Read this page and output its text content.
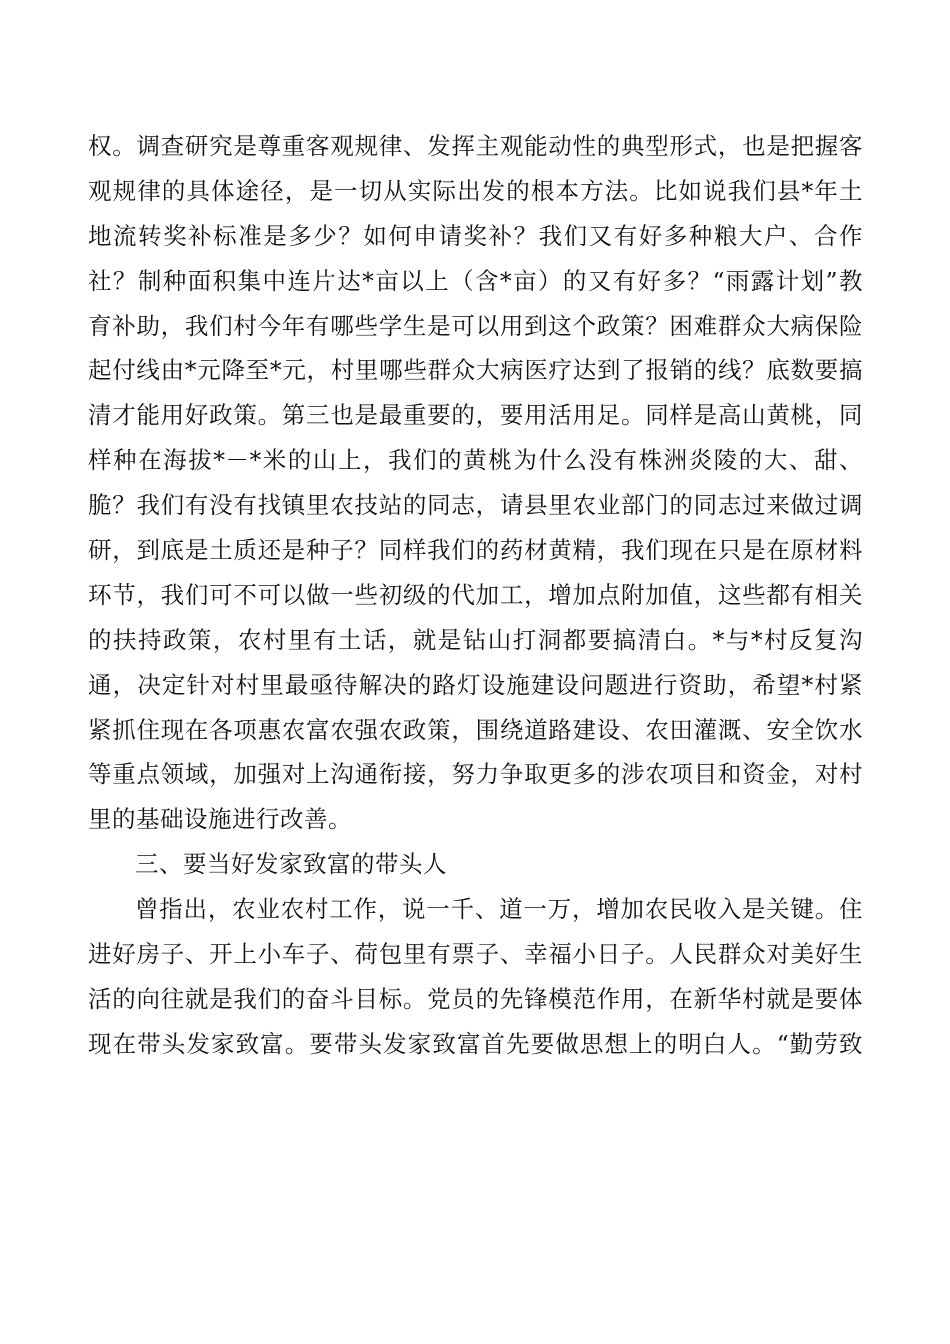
权。调查研究是尊重客观规律、发挥主观能动性的典型形式，也是把握客
观规律的具体途径，是一切从实际出发的根本方法。比如说我们县*年土
地流转奖补标准是多少？如何申请奖补？我们又有好多种粮大户、合作
社？制种面积集中连片达*亩以上（含*亩）的又有好多？“雨露计划”教
育补助，我们村今年有哪些学生是可以用到这个政策？困难群众大病保险
起付线由*元降至*元，村里哪些群众大病医疗达到了报销的线？底数要搞
清才能用好政策。第三也是最重要的，要用活用足。同样是高山黄桃，同
样种在海拔*－*米的山上，我们的黄桃为什么没有株洲炎陵的大、甜、
脆？我们有没有找镇里农技站的同志，请县里农业部门的同志过来做过调
研，到底是土质还是种子？同样我们的药材黄精，我们现在只是在原材料
环节，我们可不可以做一些初级的代加工，增加点附加值，这些都有相关
的扶持政策，农村里有土话，就是钻山打洞都要搞清白。*与*村反复沟
通，决定针对村里最亟待解决的路灯设施建设问题进行资助，希望*村紧
紧抓住现在各项惠农富农强农政策，围绕道路建设、农田灌溉、安全饮水
等重点领域，加强对上沟通衔接，努力争取更多的涉农项目和资金，对村
里的基础设施进行改善。
三、要当好发家致富的带头人
曾指出，农业农村工作，说一千、道一万，增加农民收入是关键。住
进好房子、开上小车子、荷包里有票子、幸福小日子。人民群众对美好生
活的向往就是我们的奋斗目标。党员的先锋模范作用，在新华村就是要体
现在带头发家致富。要带头发家致富首先要做思想上的明白人。“勤劳致
